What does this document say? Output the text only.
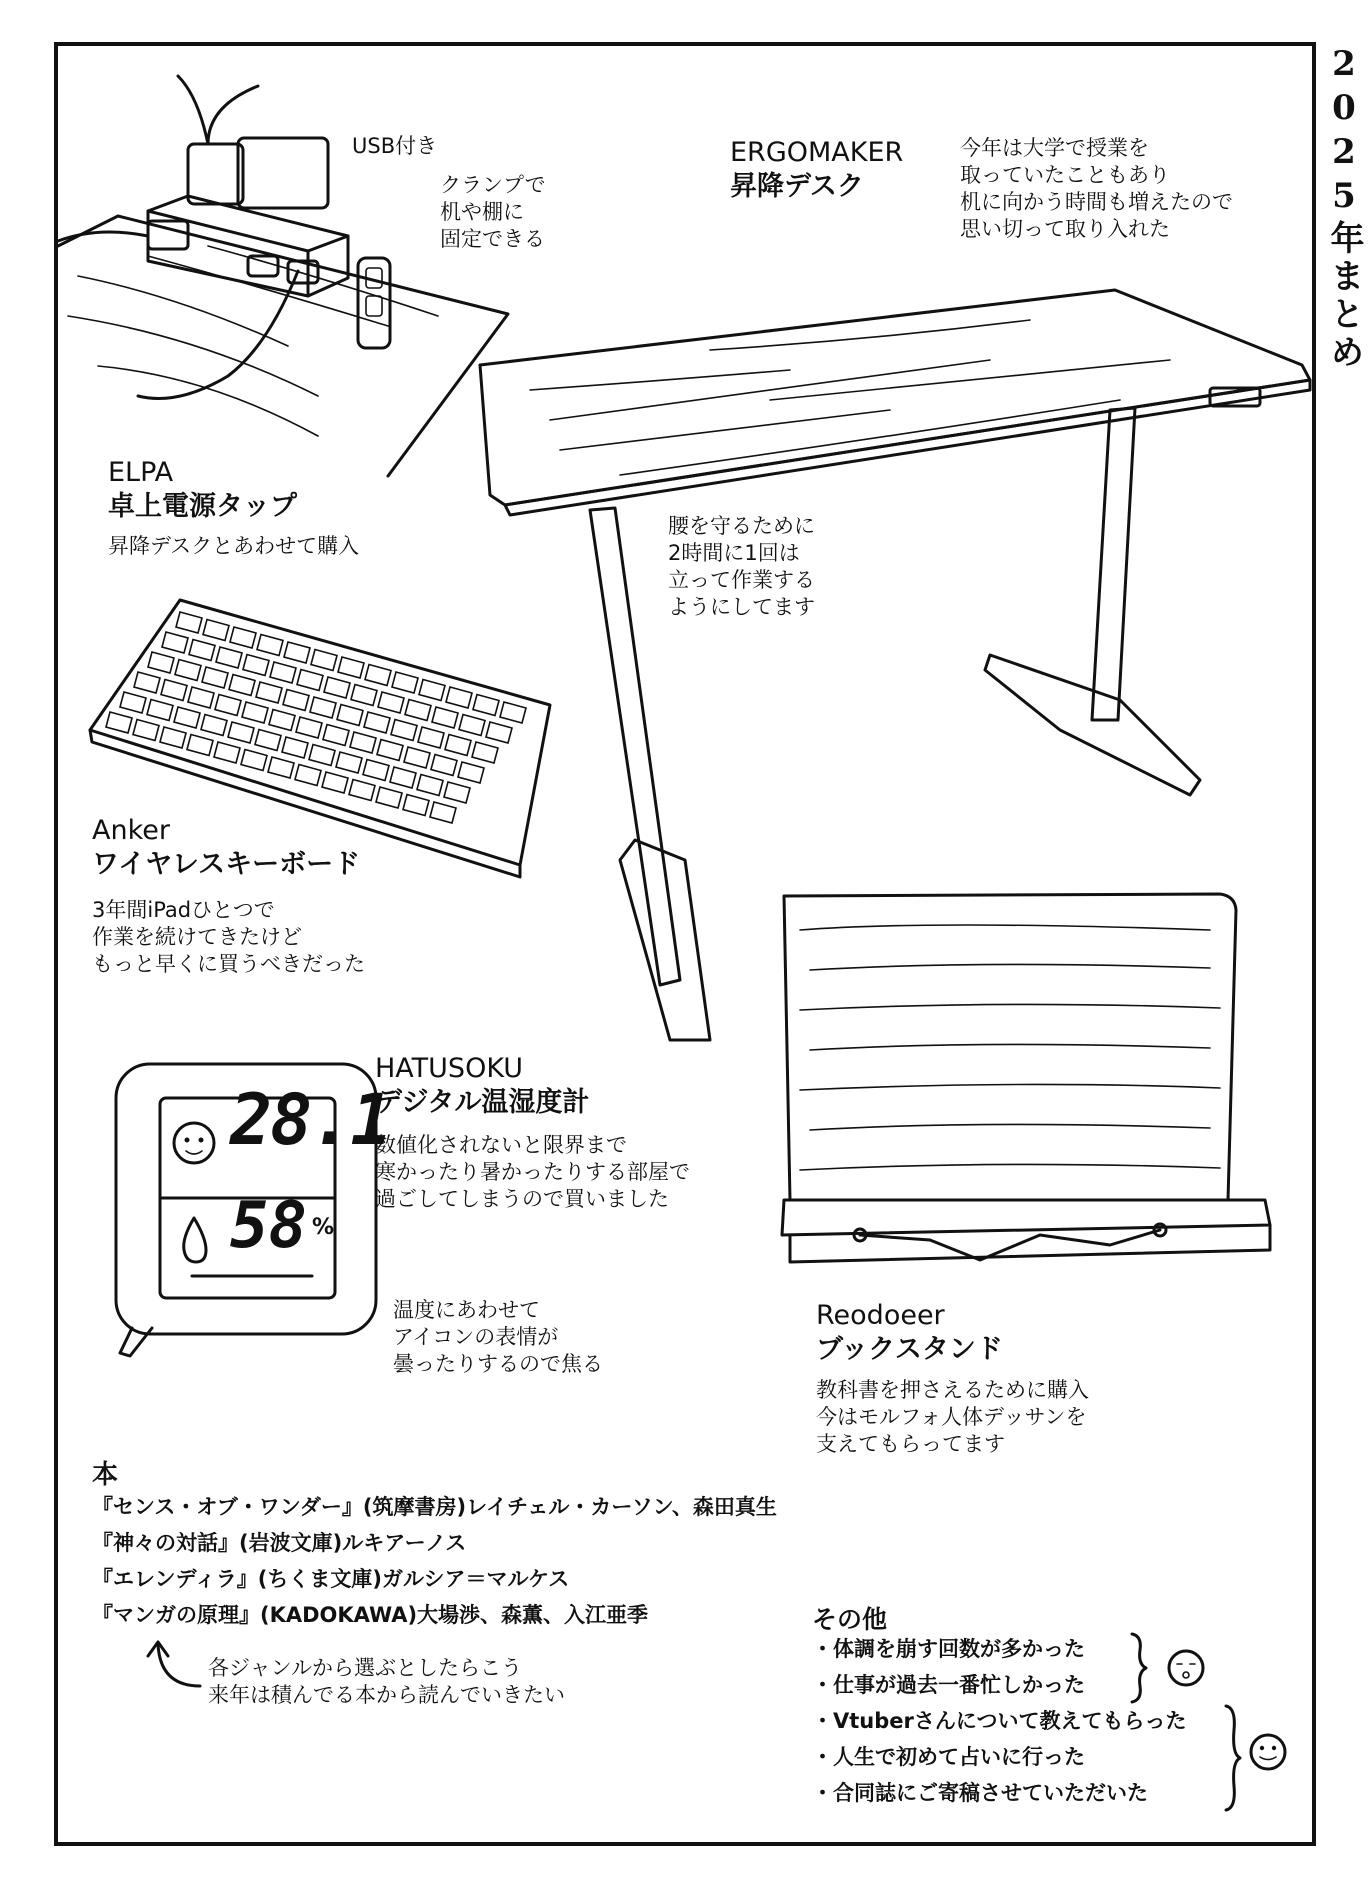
2025年まとめ
USB付き
クランプで
机や棚に
固定できる
ELPA
卓上電源タップ
昇降デスクとあわせて購入
ERGOMAKER
昇降デスク
今年は大学で授業を
取っていたこともあり
机に向かう時間も増えたので
思い切って取り入れた
腰を守るために
2時間に1回は
立って作業する
ようにしてます
Anker
ワイヤレスキーボード
3年間iPadひとつで
作業を続けてきたけど
もっと早くに買うべきだった
28.1
58 %
HATUSOKU
デジタル温湿度計
数値化されないと限界まで
寒かったり暑かったりする部屋で
過ごしてしまうので買いました
温度にあわせて
アイコンの表情が
曇ったりするので焦る
Reodoeer
ブックスタンド
教科書を押さえるために購入
今はモルフォ人体デッサンを
支えてもらってます
本
『センス・オブ・ワンダー』(筑摩書房)レイチェル・カーソン、森田真生
『神々の対話』(岩波文庫)ルキアーノス
『エレンディラ』(ちくま文庫)ガルシア＝マルケス
『マンガの原理』(KADOKAWA)大場渉、森薫、入江亜季
各ジャンルから選ぶとしたらこう
来年は積んでる本から読んでいきたい
その他
・体調を崩す回数が多かった
・仕事が過去一番忙しかった
・Vtuberさんについて教えてもらった
・人生で初めて占いに行った
・合同誌にご寄稿させていただいた
